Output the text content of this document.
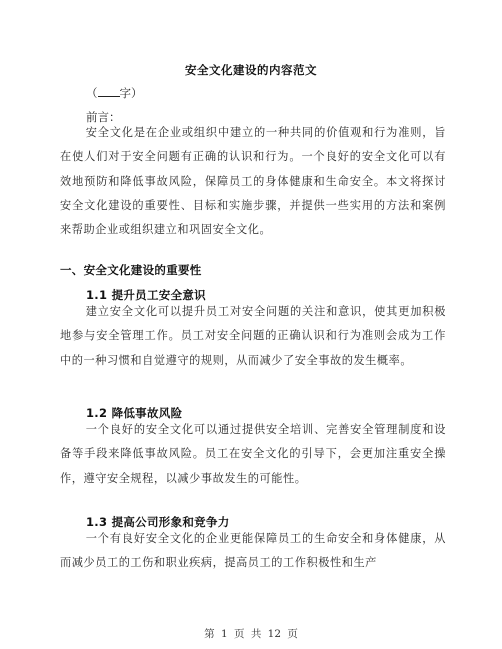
安全文化建设的内容范文
（ 字）
前言：

安全文化是在企业或组织中建立的一种共同的价值观和行为准则，旨在使人们对于安全问题有正确的认识和行为。一个良好的安全文化可以有效地预防和降低事故风险，保障员工的身体健康和生命安全。本文将探讨安全文化建设的重要性、目标和实施步骤，并提供一些实用的方法和案例来帮助企业或组织建立和巩固安全文化。

一、安全文化建设的重要性
1.1 提升员工安全意识

建立安全文化可以提升员工对安全问题的关注和意识，使其更加积极地参与安全管理工作。员工对安全问题的正确认识和行为准则会成为工作中的一种习惯和自觉遵守的规则，从而减少了安全事故的发生概率。

1.2 降低事故风险

一个良好的安全文化可以通过提供安全培训、完善安全管理制度和设备等手段来降低事故风险。员工在安全文化的引导下，会更加注重安全操作，遵守安全规程，以减少事故发生的可能性。

1.3 提高公司形象和竞争力

一个有良好安全文化的企业更能保障员工的生命安全和身体健康，从而减少员工的工伤和职业疾病，提高员工的工作积极性和生产

第 1 页 共 12 页
